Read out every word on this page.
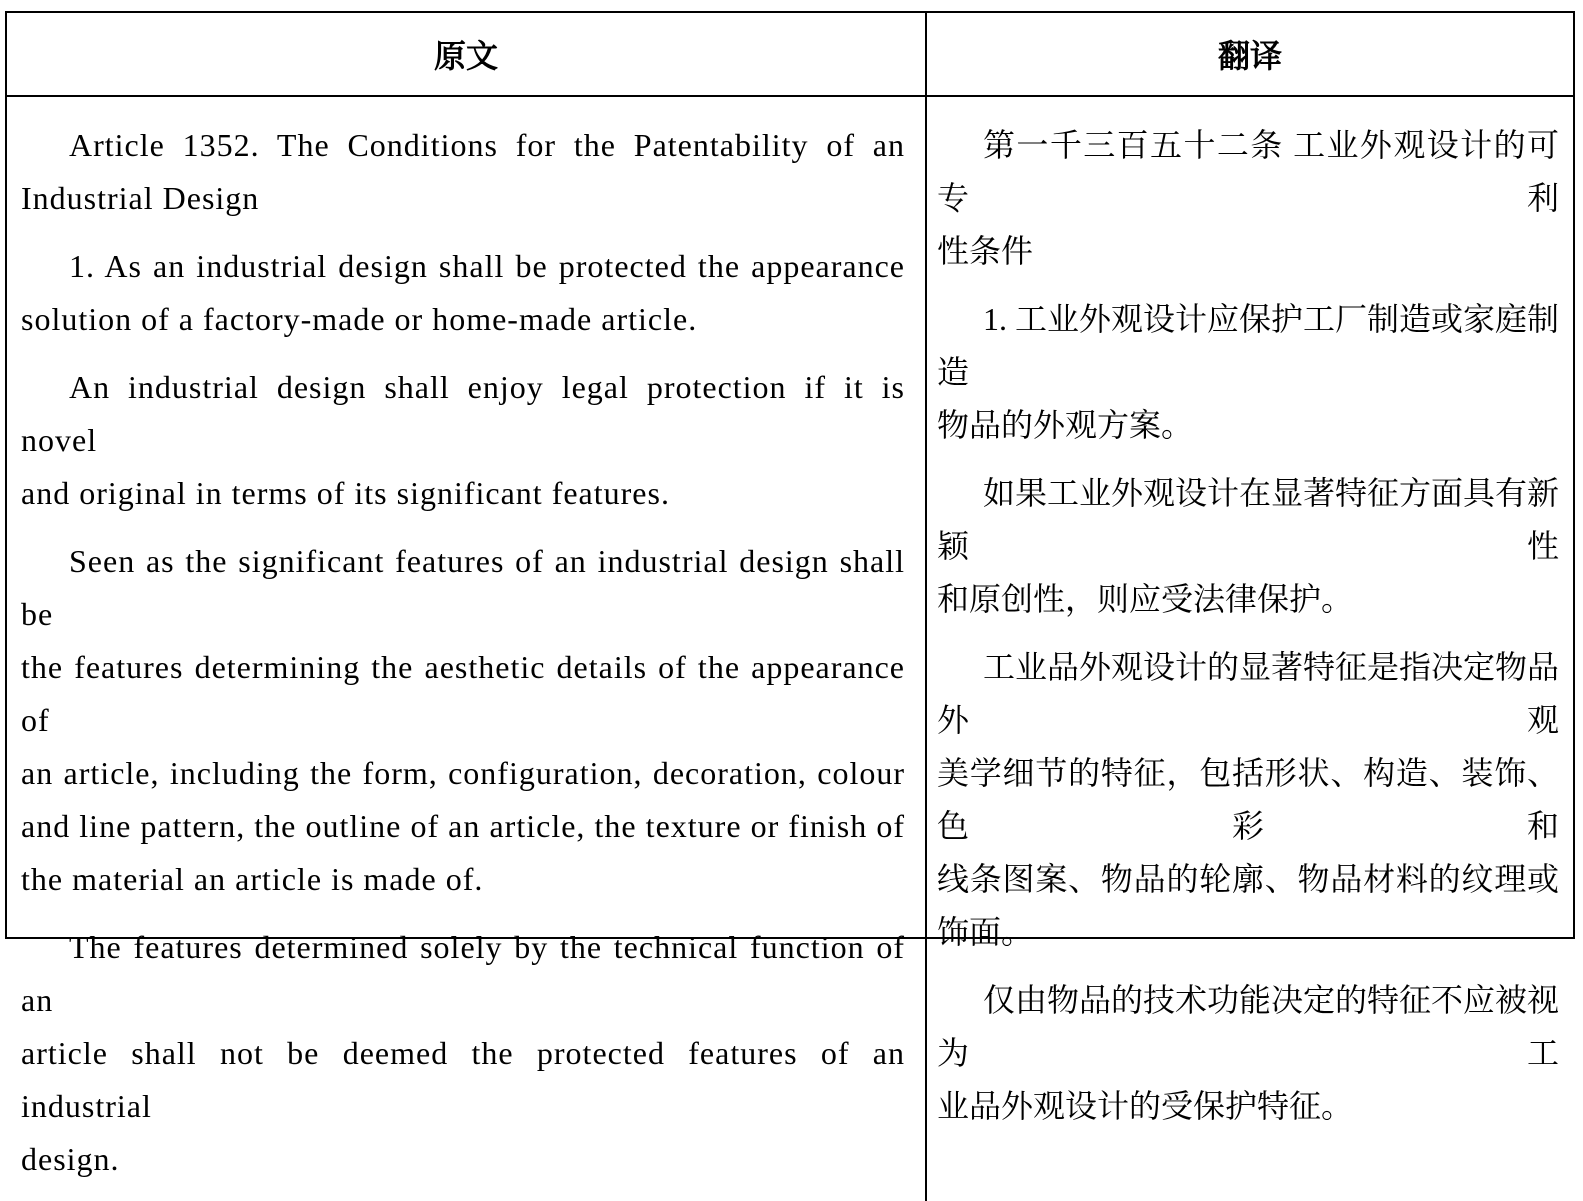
原文	翻译
Article 1352. The Conditions for the Patentability of an
Industrial Design
1. As an industrial design shall be protected the appearance
solution of a factory-made or home-made article.
An industrial design shall enjoy legal protection if it is novel
and original in terms of its significant features.
Seen as the significant features of an industrial design shall be
the features determining the aesthetic details of the appearance of
an article, including the form, configuration, decoration, colour
and line pattern, the outline of an article, the texture or finish of
the material an article is made of.
The features determined solely by the technical function of an
article shall not be deemed the protected features of an industrial
design.
第一千三百五十二条 工业外观设计的可专利
性条件
1. 工业外观设计应保护工厂制造或家庭制造
物品的外观方案。
如果工业外观设计在显著特征方面具有新颖性
和原创性，则应受法律保护。
工业品外观设计的显著特征是指决定物品外观
美学细节的特征，包括形状、构造、装饰、色彩和
线条图案、物品的轮廓、物品材料的纹理或饰面。
仅由物品的技术功能决定的特征不应被视为工
业品外观设计的受保护特征。
